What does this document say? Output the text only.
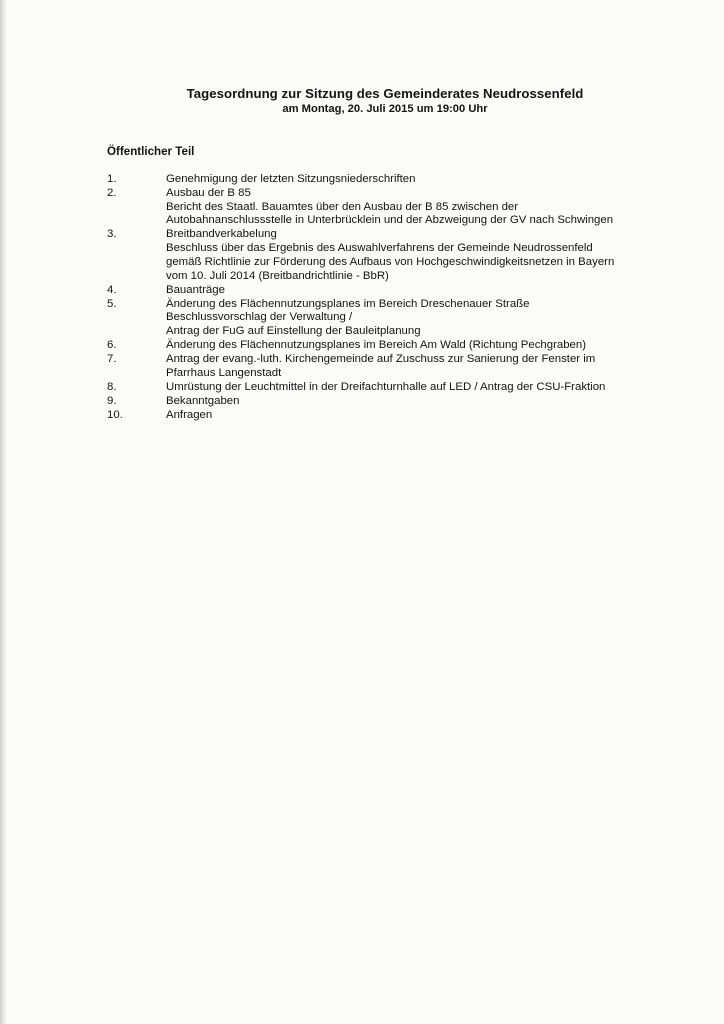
Tagesordnung zur Sitzung des Gemeinderates Neudrossenfeld
am Montag, 20. Juli 2015 um 19:00 Uhr
Öffentlicher Teil
1.	Genehmigung der letzten Sitzungsniederschriften
2.	Ausbau der B 85
Bericht des Staatl. Bauamtes über den Ausbau der B 85 zwischen der
Autobahnanschlussstelle in Unterbrücklein und der Abzweigung der GV nach Schwingen
3.	Breitbandverkabelung
Beschluss über das Ergebnis des Auswahlverfahrens der Gemeinde Neudrossenfeld
gemäß Richtlinie zur Förderung des Aufbaus von Hochgeschwindigkeitsnetzen in Bayern
vom 10. Juli 2014 (Breitbandrichtlinie - BbR)
4.	Bauanträge
5.	Änderung des Flächennutzungsplanes im Bereich Dreschenauer Straße
Beschlussvorschlag der Verwaltung /
Antrag der FuG auf Einstellung der Bauleitplanung
6.	Änderung des Flächennutzungsplanes im Bereich Am Wald (Richtung Pechgraben)
7.	Antrag der evang.-luth. Kirchengemeinde auf Zuschuss zur Sanierung der Fenster im
Pfarrhaus Langenstadt
8.	Umrüstung der Leuchtmittel in der Dreifachturnhalle auf LED / Antrag der CSU-Fraktion
9.	Bekanntgaben
10.	Anfragen
